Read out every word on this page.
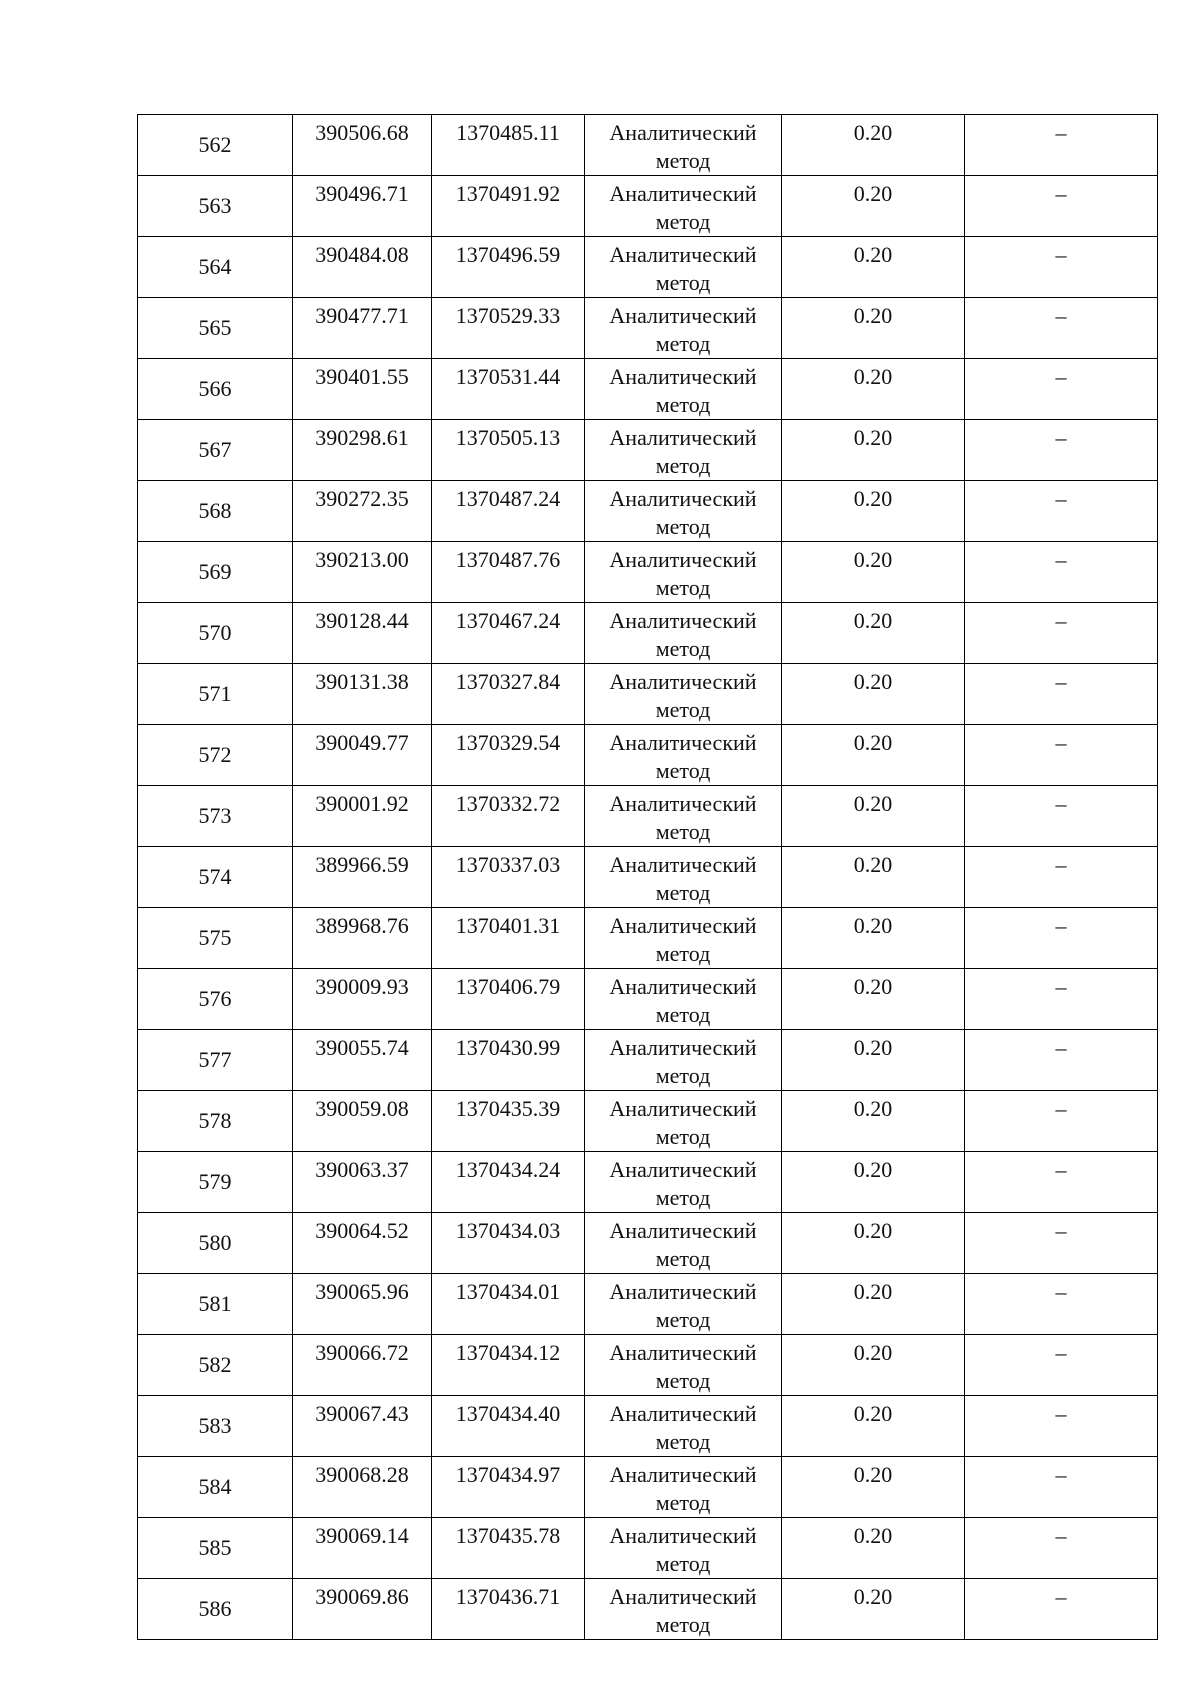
562	390506.68	1370485.11	Аналитический метод	0.20	–
563	390496.71	1370491.92	Аналитический метод	0.20	–
564	390484.08	1370496.59	Аналитический метод	0.20	–
565	390477.71	1370529.33	Аналитический метод	0.20	–
566	390401.55	1370531.44	Аналитический метод	0.20	–
567	390298.61	1370505.13	Аналитический метод	0.20	–
568	390272.35	1370487.24	Аналитический метод	0.20	–
569	390213.00	1370487.76	Аналитический метод	0.20	–
570	390128.44	1370467.24	Аналитический метод	0.20	–
571	390131.38	1370327.84	Аналитический метод	0.20	–
572	390049.77	1370329.54	Аналитический метод	0.20	–
573	390001.92	1370332.72	Аналитический метод	0.20	–
574	389966.59	1370337.03	Аналитический метод	0.20	–
575	389968.76	1370401.31	Аналитический метод	0.20	–
576	390009.93	1370406.79	Аналитический метод	0.20	–
577	390055.74	1370430.99	Аналитический метод	0.20	–
578	390059.08	1370435.39	Аналитический метод	0.20	–
579	390063.37	1370434.24	Аналитический метод	0.20	–
580	390064.52	1370434.03	Аналитический метод	0.20	–
581	390065.96	1370434.01	Аналитический метод	0.20	–
582	390066.72	1370434.12	Аналитический метод	0.20	–
583	390067.43	1370434.40	Аналитический метод	0.20	–
584	390068.28	1370434.97	Аналитический метод	0.20	–
585	390069.14	1370435.78	Аналитический метод	0.20	–
586	390069.86	1370436.71	Аналитический метод	0.20	–
